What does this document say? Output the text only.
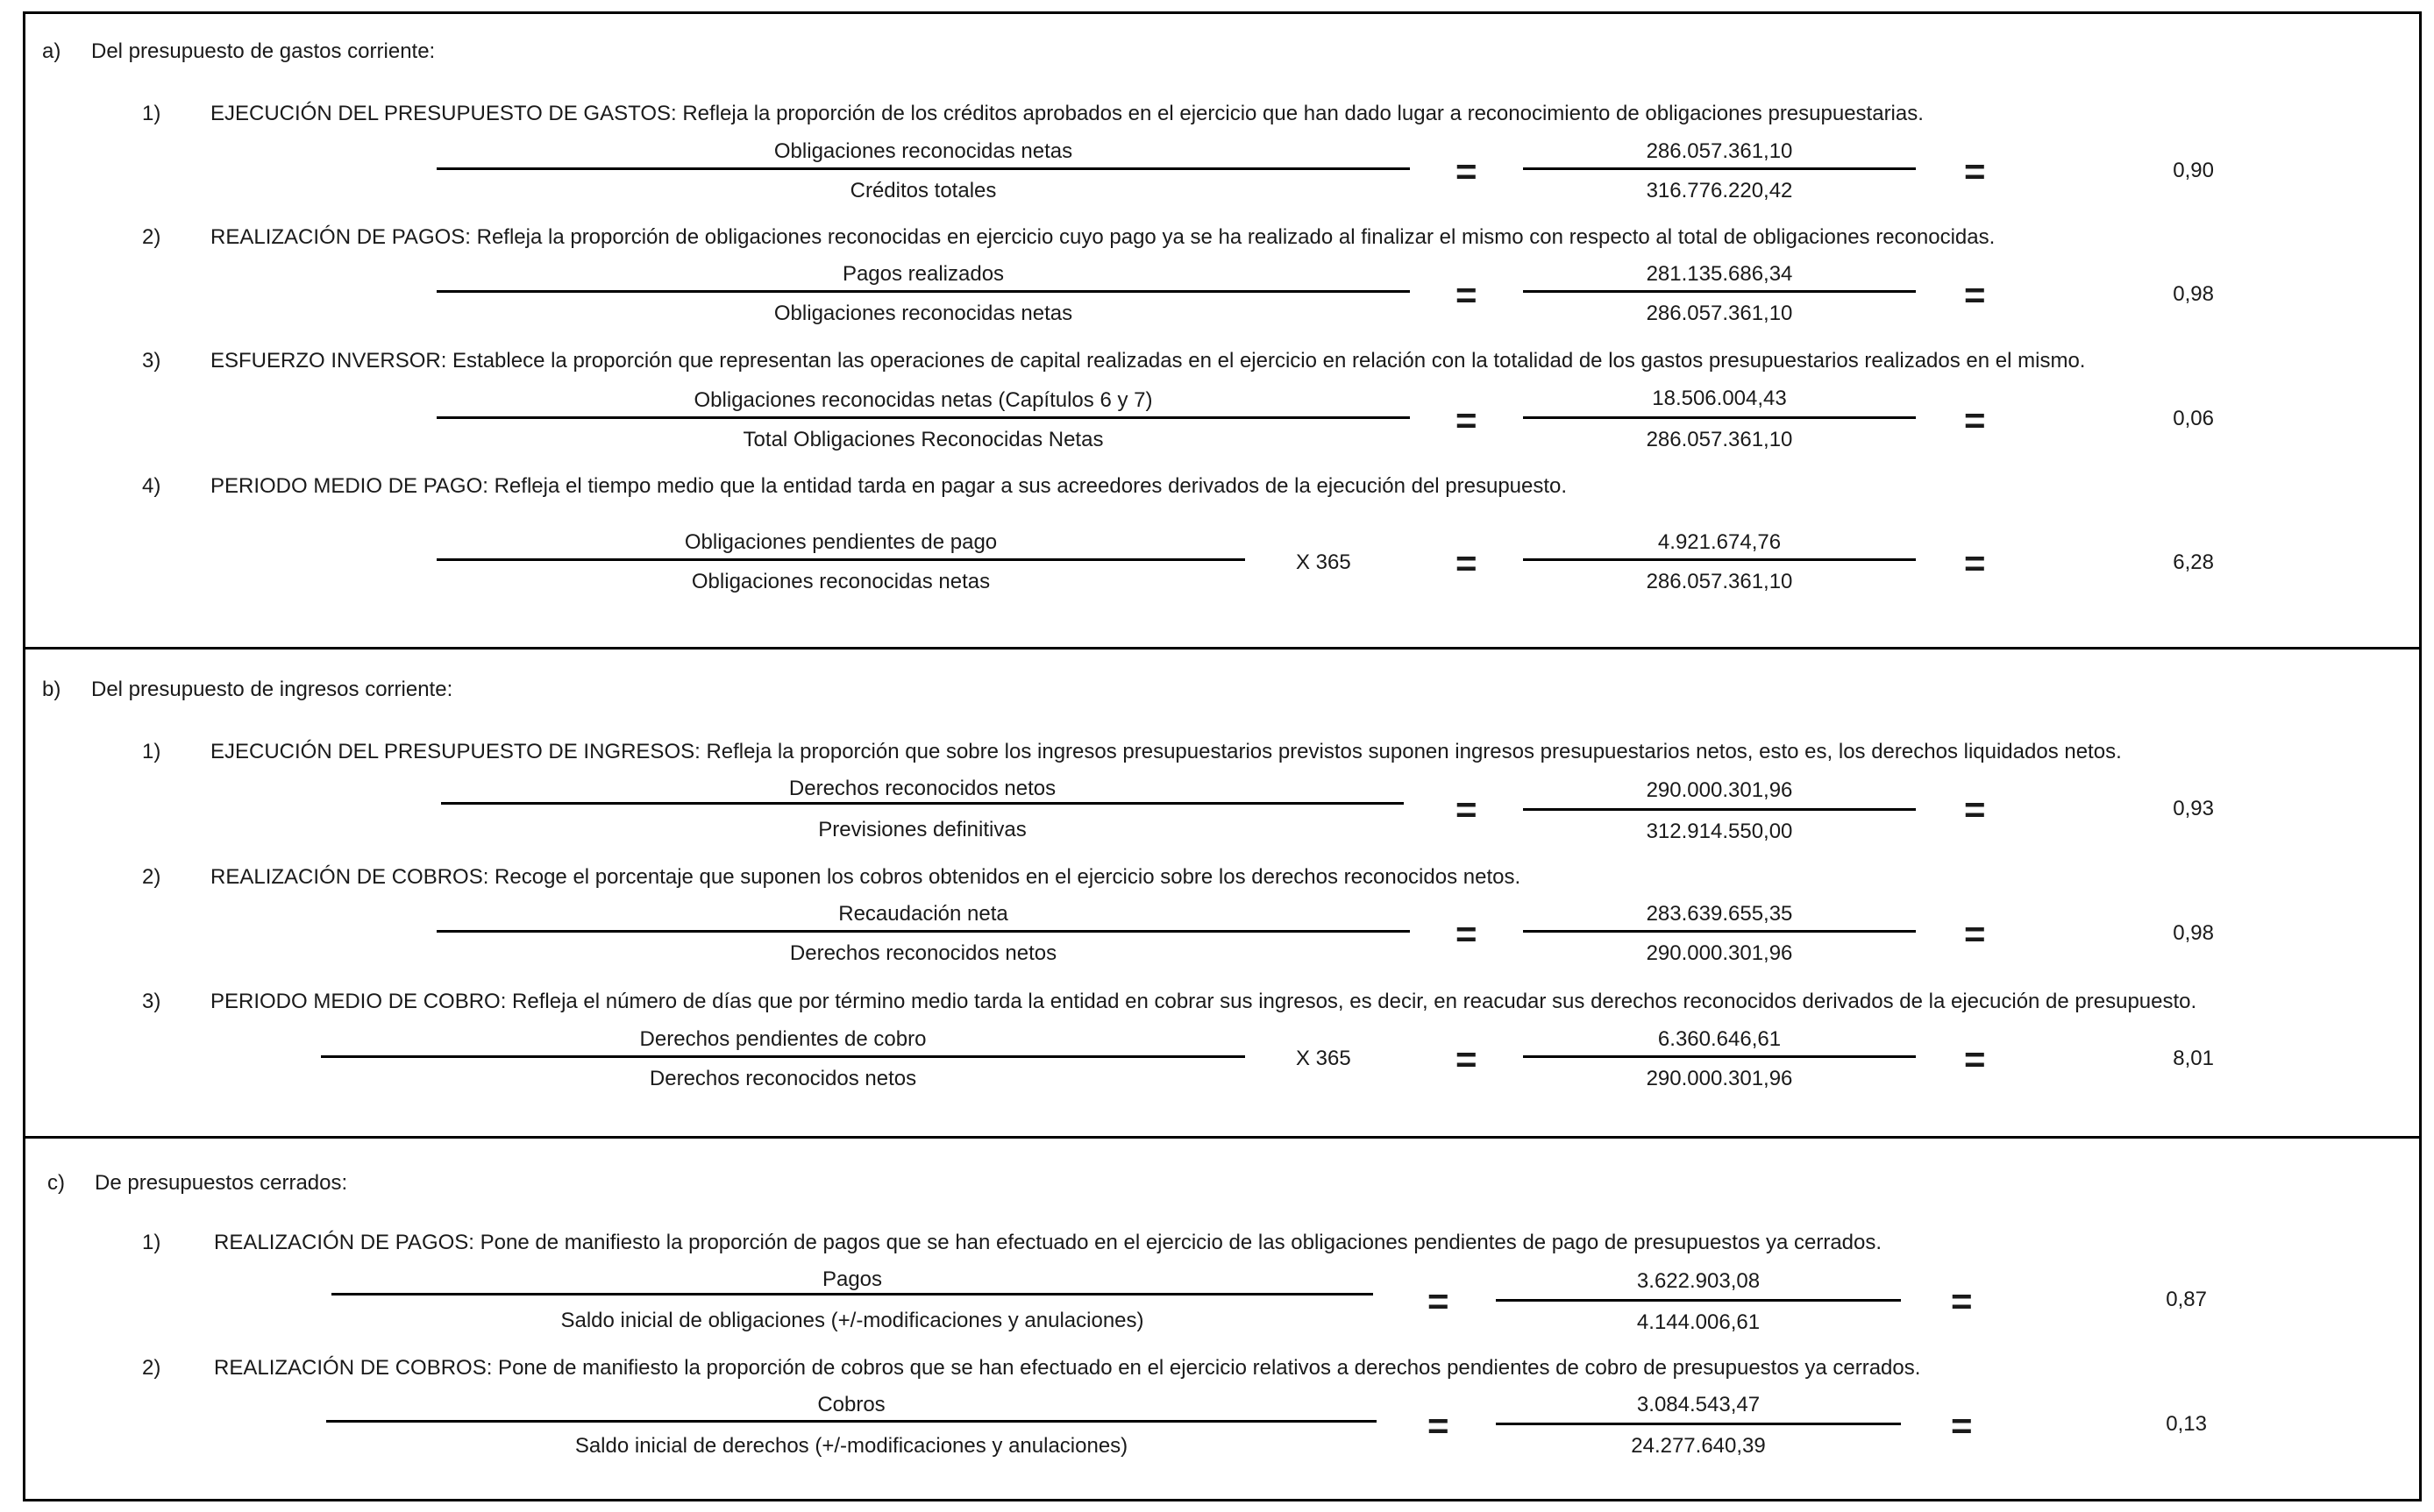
a) Del presupuesto de gastos corriente:
1) EJECUCIÓN DEL PRESUPUESTO DE GASTOS: Refleja la proporción de los créditos aprobados en el ejercicio que han dado lugar a reconocimiento de obligaciones presupuestarias.
Obligaciones reconocidas netas
Créditos totales	=	286.057.361,10
316.776.220,42	=	0,90
2) REALIZACIÓN DE PAGOS: Refleja la proporción de obligaciones reconocidas en ejercicio cuyo pago ya se ha realizado al finalizar el mismo con respecto al total de obligaciones reconocidas.
Pagos realizados
Obligaciones reconocidas netas	=
281.135.686,34
286.057.361,10	=	0,98
3) ESFUERZO INVERSOR: Establece la proporción que representan las operaciones de capital realizadas en el ejercicio en relación con la totalidad de los gastos presupuestarios realizados en el mismo.
Obligaciones reconocidas netas (Capítulos 6 y 7)
Total Obligaciones Reconocidas Netas	=
18.506.004,43
286.057.361,10	=	0,06
4) PERIODO MEDIO DE PAGO: Refleja el tiempo medio que la entidad tarda en pagar a sus acreedores derivados de la ejecución del presupuesto.
Obligaciones pendientes de pago
Obligaciones reconocidas netas
X 365	=
4.921.674,76
286.057.361,10	=	6,28
b) Del presupuesto de ingresos corriente:
1) EJECUCIÓN DEL PRESUPUESTO DE INGRESOS: Refleja la proporción que sobre los ingresos presupuestarios previstos suponen ingresos presupuestarios netos, esto es, los derechos liquidados netos.
Derechos reconocidos netos
Previsiones definitivas	=	290.000.301,96
312.914.550,00
=	0,93
2) REALIZACIÓN DE COBROS: Recoge el porcentaje que suponen los cobros obtenidos en el ejercicio sobre los derechos reconocidos netos.
Recaudación neta
Derechos reconocidos netos	=	283.639.655,35
290.000.301,96	=	0,98
3) PERIODO MEDIO DE COBRO: Refleja el número de días que por término medio tarda la entidad en cobrar sus ingresos, es decir, en reacudar sus derechos reconocidos derivados de la ejecución de presupuesto.
Derechos pendientes de cobro
Derechos reconocidos netos
X 365	=	6.360.646,61
290.000.301,96	=	8,01
c) De presupuestos cerrados:
1)	REALIZACIÓN DE PAGOS: Pone de manifiesto la proporción de pagos que se han efectuado en el ejercicio de las obligaciones pendientes de pago de presupuestos ya cerrados.
Pagos
Saldo inicial de obligaciones (+/-modificaciones y anulaciones)	=	3.622.903,08
4.144.006,61
=	0,87
2)	REALIZACIÓN DE COBROS: Pone de manifiesto la proporción de cobros que se han efectuado en el ejercicio relativos a derechos pendientes de cobro de presupuestos ya cerrados.
Cobros
Saldo inicial de derechos (+/-modificaciones y anulaciones)	=
3.084.543,47
24.277.640,39	=	0,13
